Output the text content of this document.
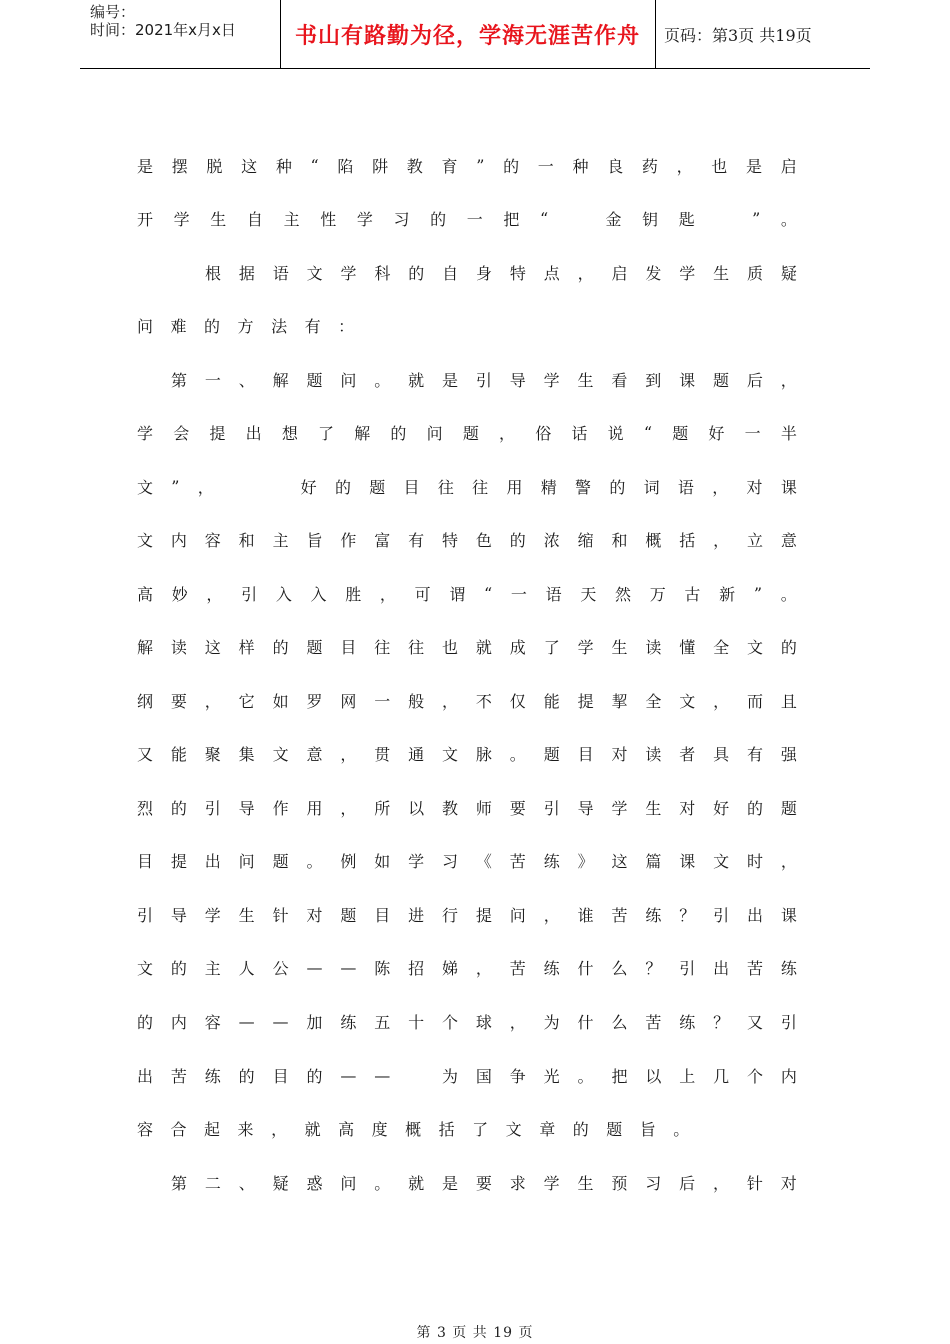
编号：
时间：2021年x月x日	书山有路勤为径，学海无涯苦作舟	页码：第3页 共19页
是 摆 脱 这 种 “ 陷 阱 教 育 ” 的 一 种 良 药 ， 也 是 启
开 学 生 自 主 性 学 习 的 一 把 “
　	金 钥 匙
　	” 。
根 据 语 文 学 科 的 自 身 特 点 ， 启 发 学 生 质 疑
问 难 的 方 法 有 ：
第 一 、 解 题 问 。 就 是 引 导 学 生 看 到 课 题 后 ，
学 会 提 出 想 了 解 的 问 题 ， 俗 话 说 “ 题 好 一 半
文 ” ，

　	好 的 题 目 往 往 用 精 警 的 词 语 ， 对 课
文 内 容 和 主 旨 作 富 有 特 色 的 浓 缩 和 概 括 ， 立 意
高 妙 ， 引 入 入 胜 ， 可 谓 “ 一 语 天 然 万 古 新 ” 。
解 读 这 样 的 题 目 往 往 也 就 成 了 学 生 读 懂 全 文 的
纲 要 ， 它 如 罗 网 一 般 ， 不 仅 能 提 挈 全 文 ， 而 且
又 能 聚 集 文 意 ， 贯 通 文 脉 。 题 目 对 读 者 具 有 强
烈 的 引 导 作 用 ， 所 以 教 师 要 引 导 学 生 对 好 的 题
目 提 出 问 题 。 例 如 学 习 《 苦 练 》 这 篇 课 文 时 ，
引 导 学 生 针 对 题 目 进 行 提 问 ， 谁 苦 练 ？ 引 出 课
文 的 主 人 公 — — 陈 招 娣 ， 苦 练 什 么 ？ 引 出 苦 练
的 内 容 — — 加 练 五 十 个 球 ， 为 什 么 苦 练 ？ 又 引
出 苦 练 的 目 的 — —
　	为 国 争 光 。 把 以 上 几 个 内
容 合 起 来 ， 就 高 度 概 括 了 文 章 的 题 旨 。
第 二 、 疑 惑 问 。 就 是 要 求 学 生 预 习 后 ， 针 对
第 3 页 共 19 页
